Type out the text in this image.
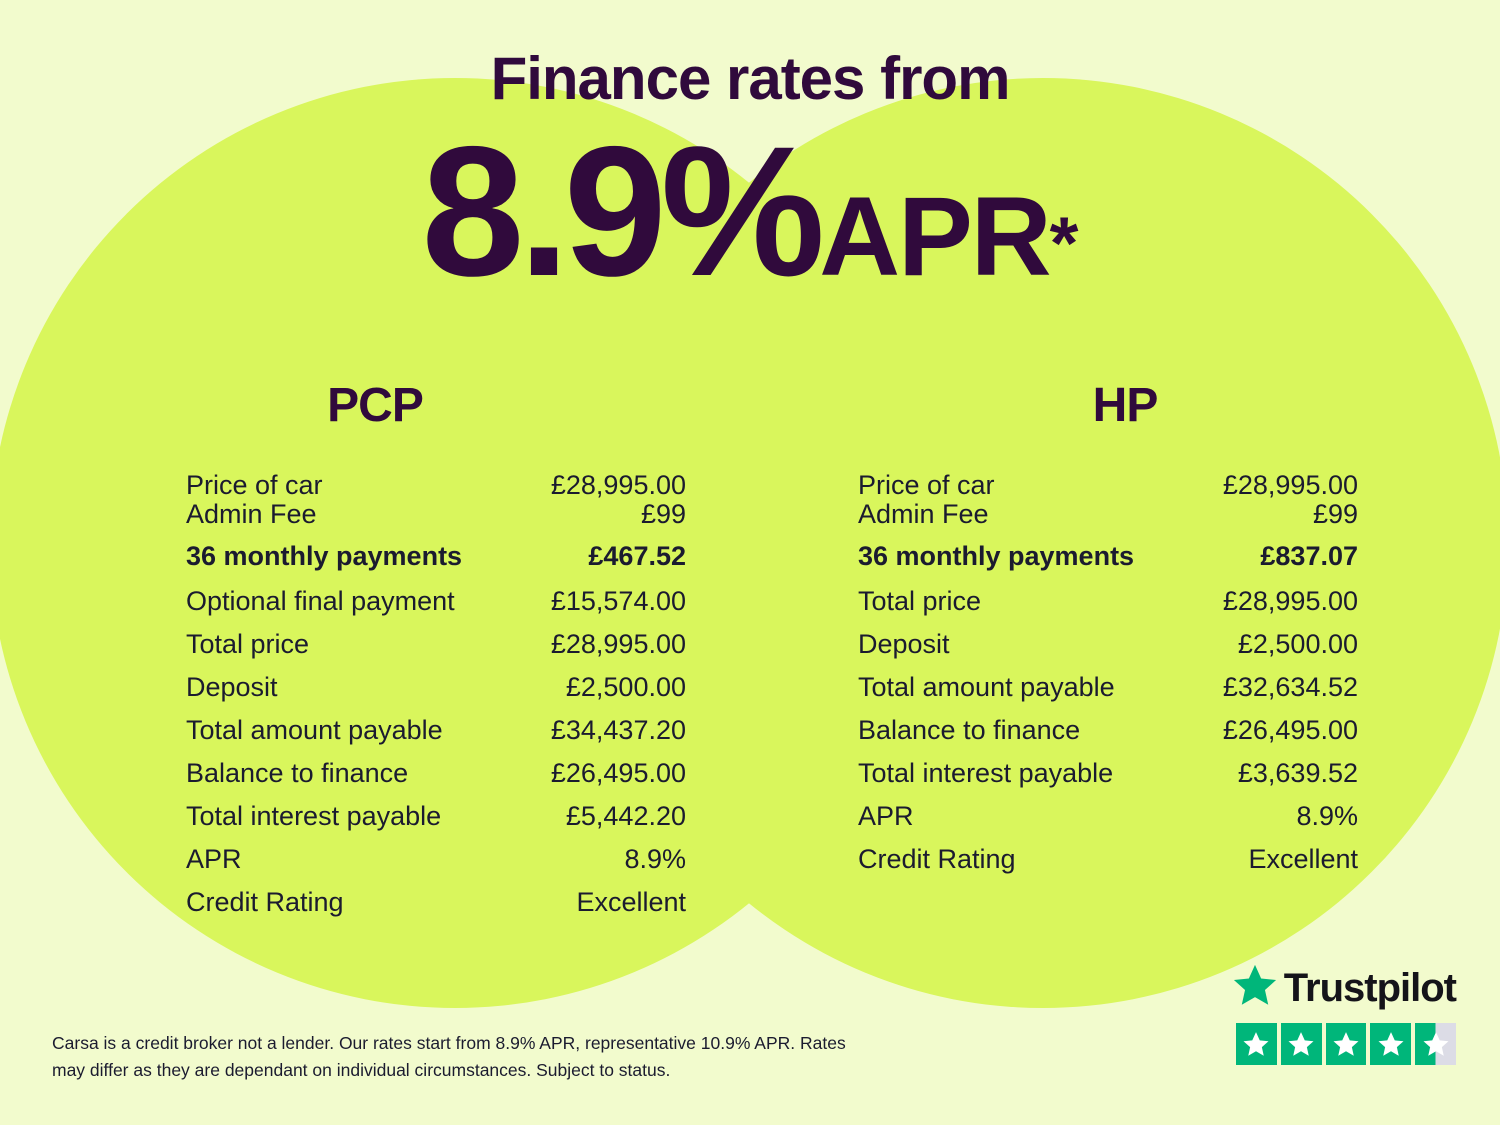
Finance rates from
8.9%APR*
PCP
Price of car	£28,995.00
Admin Fee	£99
36 monthly payments	£467.52
Optional final payment	£15,574.00
Total price	£28,995.00
Deposit	£2,500.00
Total amount payable	£34,437.20
Balance to finance	£26,495.00
Total interest payable	£5,442.20
APR	8.9%
Credit Rating	Excellent
HP
Price of car	£28,995.00
Admin Fee	£99
36 monthly payments	£837.07
Total price	£28,995.00
Deposit	£2,500.00
Total amount payable	£32,634.52
Balance to finance	£26,495.00
Total interest payable	£3,639.52
APR	8.9%
Credit Rating	Excellent
Carsa is a credit broker not a lender. Our rates start from 8.9% APR, representative 10.9% APR. Rates may differ as they are dependant on individual circumstances. Subject to status.
Trustpilot
